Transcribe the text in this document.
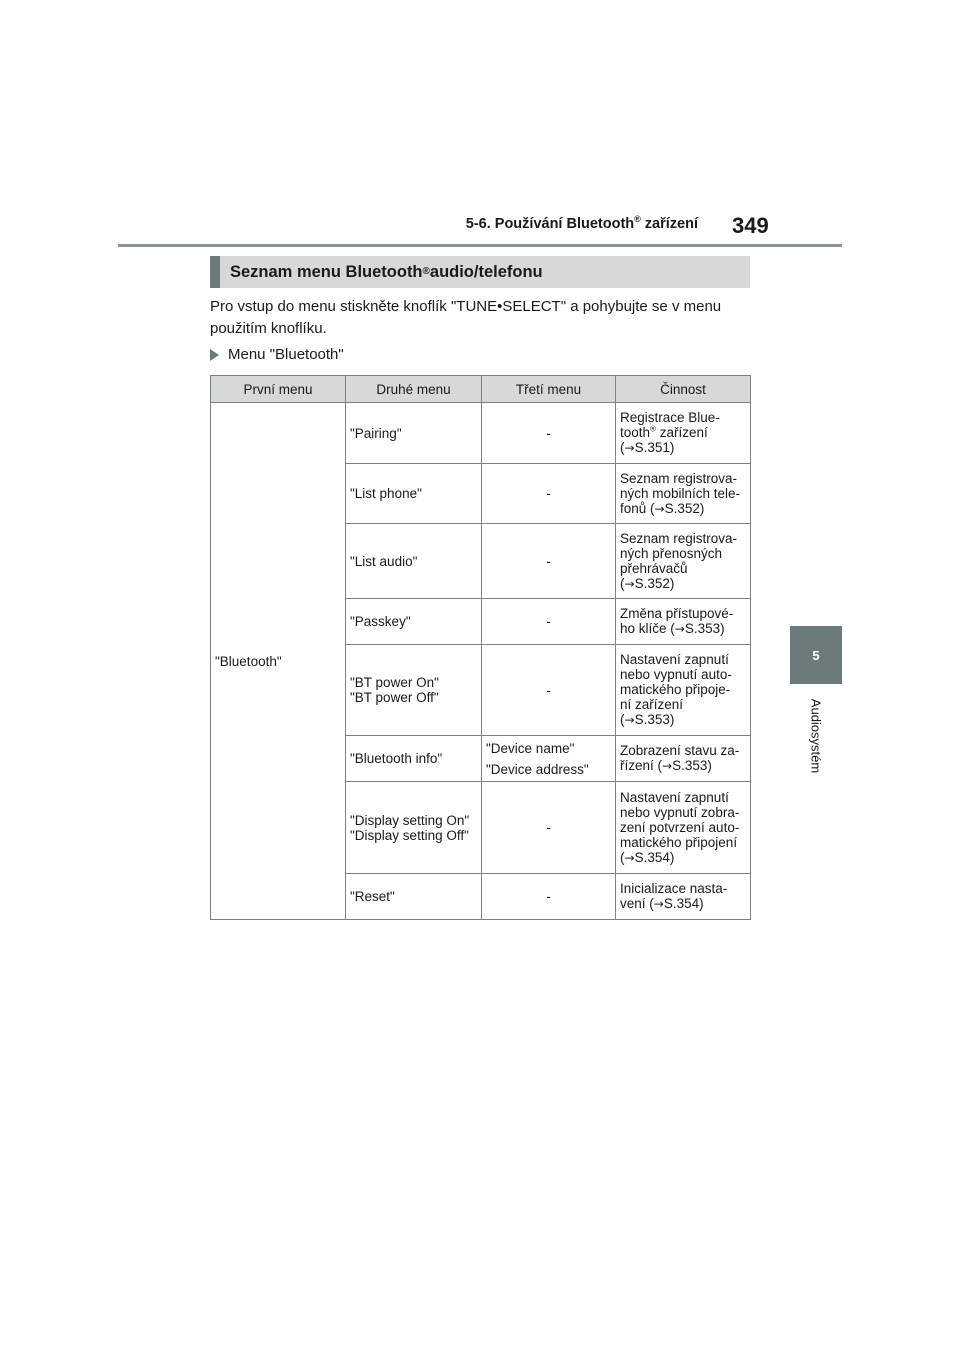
5-6. Používání Bluetooth® zařízení 349
5
Audiosystém
Seznam menu Bluetooth ® audio/telefonu

Pro vstup do menu stiskněte knoflík "TUNE•SELECT" a pohybujte se v menu použitím knoflíku.

Menu "Bluetooth"
První menu	Druhé menu	Třetí menu	Činnost
"Bluetooth"	"Pairing"	-	Registrace Blue-
tooth® zařízení
(→S.351)

	"List phone"	-	Seznam registrova-
ných mobilních tele-
fonů (→S.352)

	"List audio"	-	Seznam registrova-
ných přenosných
přehrávačů
(→S.352)

	"Passkey"	-	Změna přístupové-
ho klíče (→S.353)

	"BT power On"
"BT power Off"	-	Nastavení zapnutí
nebo vypnutí auto-
matického připoje-
ní zařízení
(→S.353)

	"Bluetooth info"	"Device name"
"Device address"	Zobrazení stavu za-
řízení (→S.353)

	"Display setting On"
"Display setting Off"	-	Nastavení zapnutí
nebo vypnutí zobra-
zení potvrzení auto-
matického připojení
(→S.354)

	"Reset"	-	Inicializace nasta-
vení (→S.354)
